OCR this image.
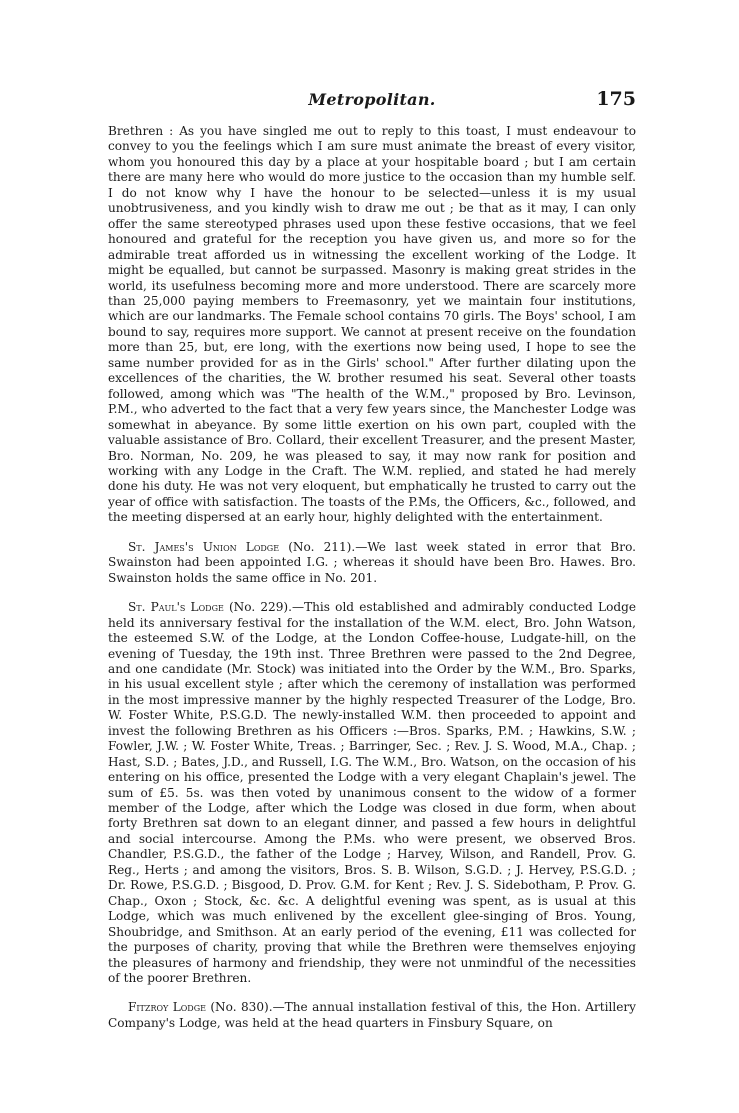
Metropolitan.	175

Brethren : As you have singled me out to reply to this toast, I must endeavour to convey to you the feelings which I am sure must animate the breast of every visitor, whom you honoured this day by a place at your hospitable board ; but I am certain there are many here who would do more justice to the occasion than my humble self. I do not know why I have the honour to be selected—unless it is my usual unobtrusiveness, and you kindly wish to draw me out ; be that as it may, I can only offer the same stereotyped phrases used upon these festive occasions, that we feel honoured and grateful for the reception you have given us, and more so for the admirable treat afforded us in witnessing the excellent working of the Lodge. It might be equalled, but cannot be surpassed. Masonry is making great strides in the world, its usefulness becoming more and more understood. There are scarcely more than 25,000 paying members to Freemasonry, yet we maintain four institutions, which are our landmarks. The Female school contains 70 girls. The Boys' school, I am bound to say, requires more support. We cannot at present receive on the foundation more than 25, but, ere long, with the exertions now being used, I hope to see the same number provided for as in the Girls' school." After further dilating upon the excellences of the charities, the W. brother resumed his seat. Several other toasts followed, among which was "The health of the W.M.," proposed by Bro. Levinson, P.M., who adverted to the fact that a very few years since, the Manchester Lodge was somewhat in abeyance. By some little exertion on his own part, coupled with the valuable assistance of Bro. Collard, their excellent Treasurer, and the present Master, Bro. Norman, No. 209, he was pleased to say, it may now rank for position and working with any Lodge in the Craft. The W.M. replied, and stated he had merely done his duty. He was not very eloquent, but emphatically he trusted to carry out the year of office with satisfaction. The toasts of the P.Ms, the Officers, &c., followed, and the meeting dispersed at an early hour, highly delighted with the entertainment.

St. James's Union Lodge (No. 211).—We last week stated in error that Bro. Swainston had been appointed I.G. ; whereas it should have been Bro. Hawes. Bro. Swainston holds the same office in No. 201.

St. Paul's Lodge (No. 229).—This old established and admirably conducted Lodge held its anniversary festival for the installation of the W.M. elect, Bro. John Watson, the esteemed S.W. of the Lodge, at the London Coffee-house, Ludgate-hill, on the evening of Tuesday, the 19th inst. Three Brethren were passed to the 2nd Degree, and one candidate (Mr. Stock) was initiated into the Order by the W.M., Bro. Sparks, in his usual excellent style ; after which the ceremony of installation was performed in the most impressive manner by the highly respected Treasurer of the Lodge, Bro. W. Foster White, P.S.G.D. The newly-installed W.M. then proceeded to appoint and invest the following Brethren as his Officers :—Bros. Sparks, P.M. ; Hawkins, S.W. ; Fowler, J.W. ; W. Foster White, Treas. ; Barringer, Sec. ; Rev. J. S. Wood, M.A., Chap. ; Hast, S.D. ; Bates, J.D., and Russell, I.G. The W.M., Bro. Watson, on the occasion of his entering on his office, presented the Lodge with a very elegant Chaplain's jewel. The sum of £5. 5s. was then voted by unanimous consent to the widow of a former member of the Lodge, after which the Lodge was closed in due form, when about forty Brethren sat down to an elegant dinner, and passed a few hours in delightful and social intercourse. Among the P.Ms. who were present, we observed Bros. Chandler, P.S.G.D., the father of the Lodge ; Harvey, Wilson, and Randell, Prov. G. Reg., Herts ; and among the visitors, Bros. S. B. Wilson, S.G.D. ; J. Hervey, P.S.G.D. ; Dr. Rowe, P.S.G.D. ; Bisgood, D. Prov. G.M. for Kent ; Rev. J. S. Sidebotham, P. Prov. G. Chap., Oxon ; Stock, &c. &c. A delightful evening was spent, as is usual at this Lodge, which was much enlivened by the excellent glee-singing of Bros. Young, Shoubridge, and Smithson. At an early period of the evening, £11 was collected for the purposes of charity, proving that while the Brethren were themselves enjoying the pleasures of harmony and friendship, they were not unmindful of the necessities of the poorer Brethren.

Fitzroy Lodge (No. 830).—The annual installation festival of this, the Hon. Artillery Company's Lodge, was held at the head quarters in Finsbury Square, on
